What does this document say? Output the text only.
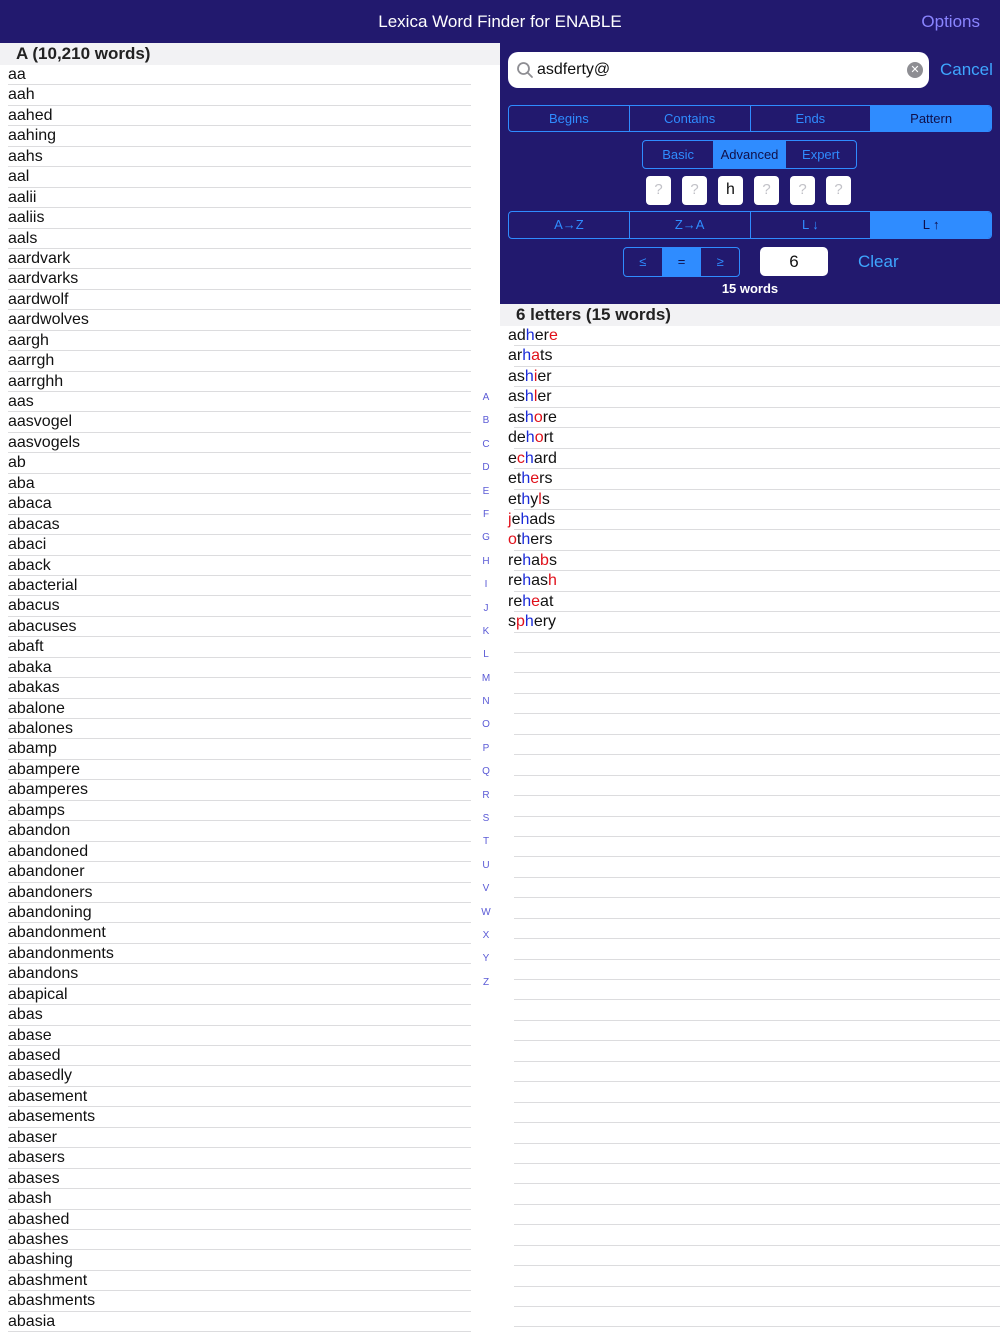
Lexica Word Finder for ENABLE	Options
A (10,210 words)
aa
aah
aahed
aahing
aahs
aal
aalii
aaliis
aals
aardvark
aardvarks
aardwolf
aardwolves
aargh
aarrgh
aarrghh
aas
aasvogel
aasvogels
ab
aba
abaca
abacas
abaci
aback
abacterial
abacus
abacuses
abaft
abaka
abakas
abalone
abalones
abamp
abampere
abamperes
abamps
abandon
abandoned
abandoner
abandoners
abandoning
abandonment
abandonments
abandons
abapical
abas
abase
abased
abasedly
abasement
abasements
abaser
abasers
abases
abash
abashed
abashes
abashing
abashment
abashments
abasia
A
B
C
D
E
F
G
H
I
J
K
L
M
N
O
P
Q
R
S
T
U
V
W
X
Y
Z
asdferty@
✕ Cancel
Begins	Contains	Ends	Pattern
Basic	Advanced	Expert
?	?	h	?	?	?
A→Z	Z→A	L ↓	L ↑
≤	=	≥	6	Clear
15 words
6 letters (15 words)
adhere
arhats
ashier
ashler
ashore
dehort
echard
ethers
ethyls
jehads
others
rehabs
rehash
reheat
sphery
